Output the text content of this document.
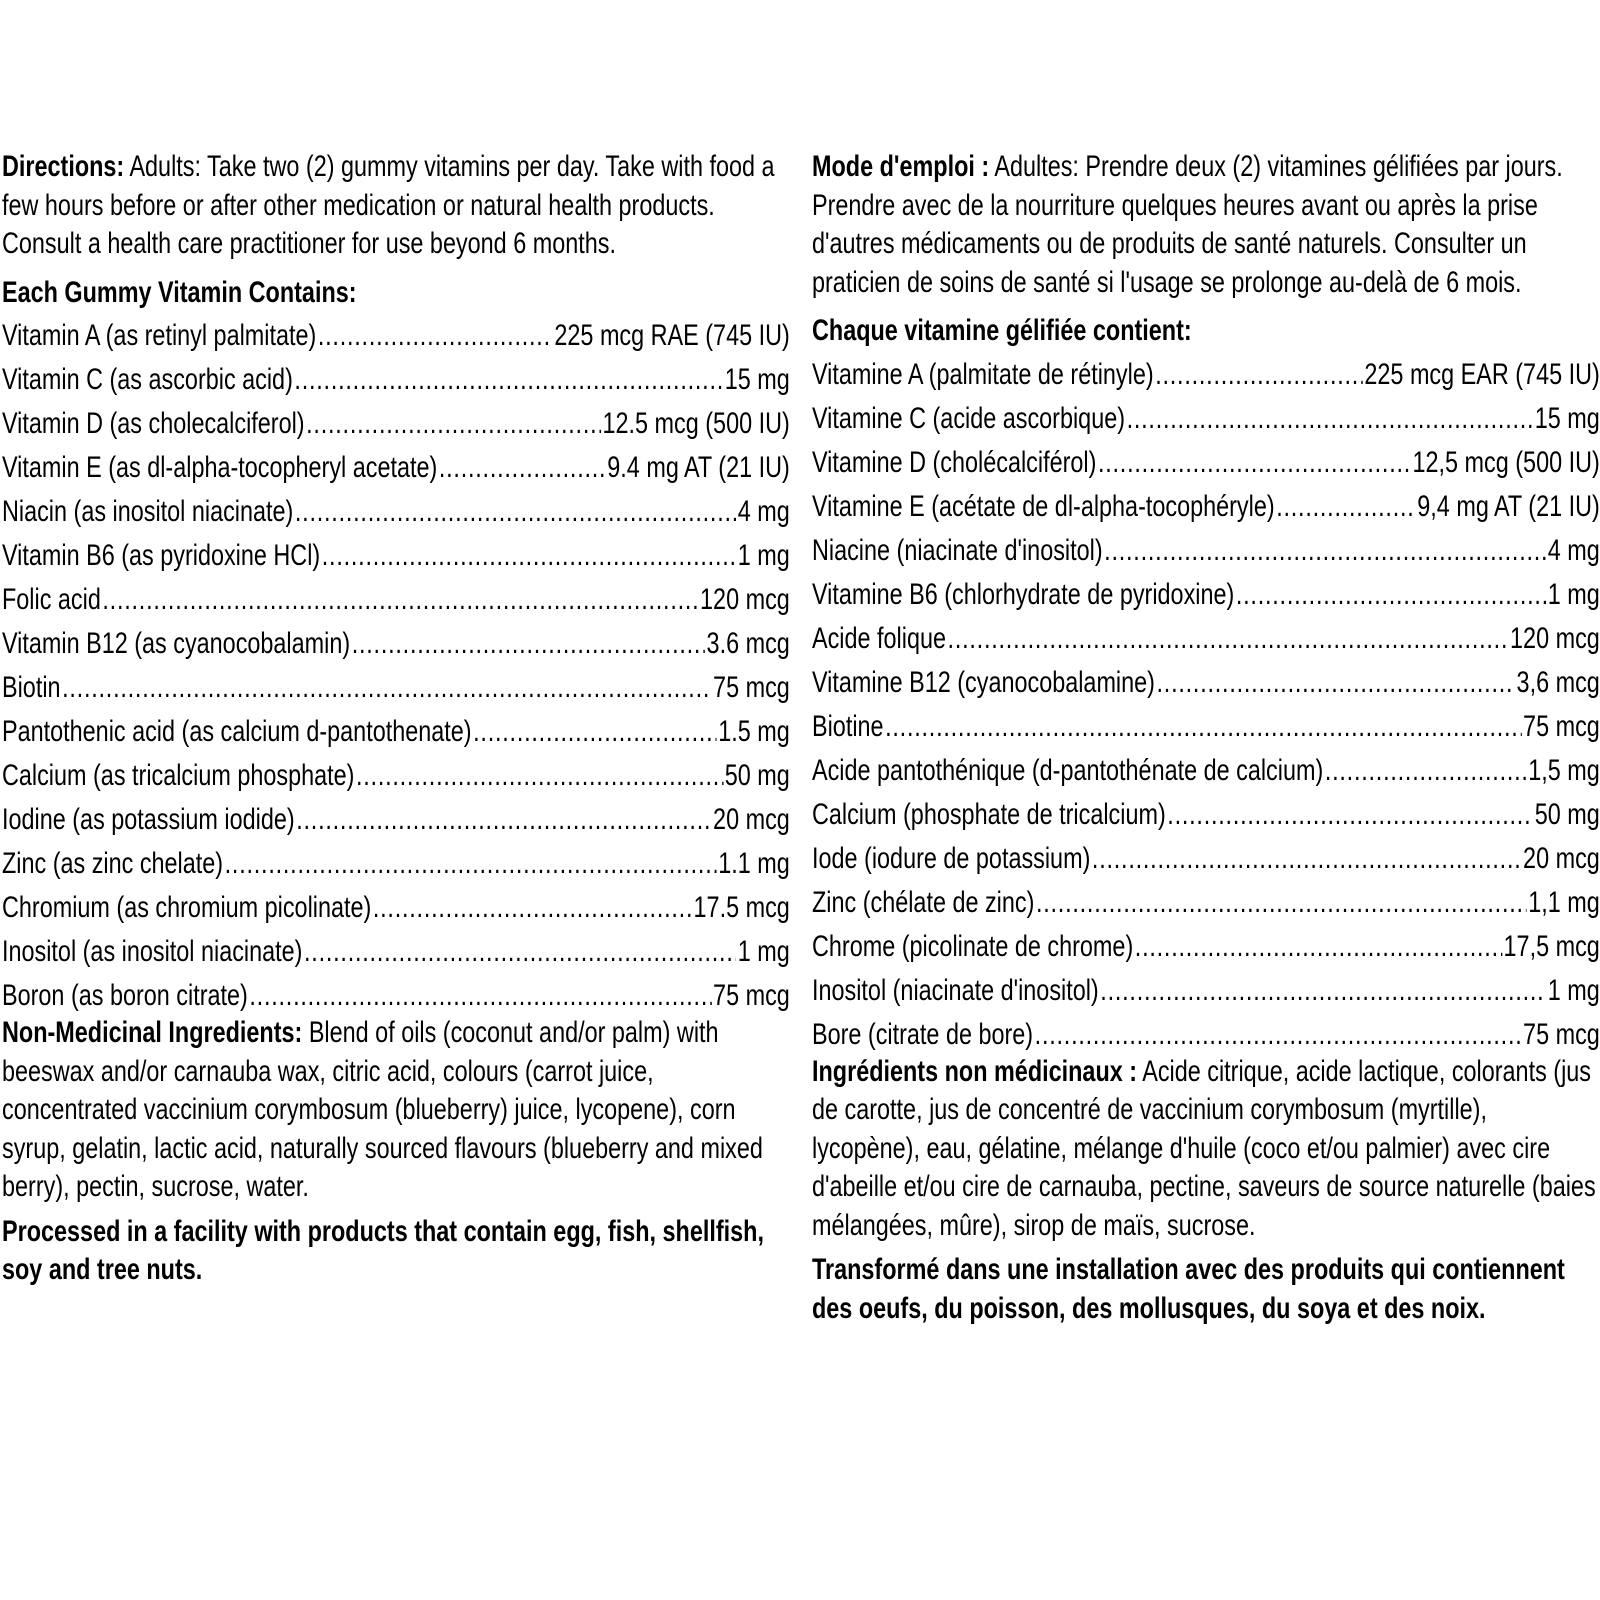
Directions: Adults: Take two (2) gummy vitamins per day. Take with food a few hours before or after other medication or natural health products. Consult a health care practitioner for use beyond 6 months.

Each Gummy Vitamin Contains:

Vitamin A (as retinyl palmitate) .....	225 mcg RAE (745 IU)
Vitamin C (as ascorbic acid) .....	15 mg
Vitamin D (as cholecalciferol) .....	12.5 mcg (500 IU)
Vitamin E (as dl-alpha-tocopheryl acetate) .....	9.4 mg AT (21 IU)
Niacin (as inositol niacinate) .....	4 mg
Vitamin B6 (as pyridoxine HCl) .....	1 mg
Folic acid .....	120 mcg
Vitamin B12 (as cyanocobalamin) .....	3.6 mcg
Biotin .....	75 mcg
Pantothenic acid (as calcium d-pantothenate) .....	1.5 mg
Calcium (as tricalcium phosphate) .....	50 mg
Iodine (as potassium iodide) .....	20 mcg
Zinc (as zinc chelate) .....	1.1 mg
Chromium (as chromium picolinate) .....	17.5 mcg
Inositol (as inositol niacinate) .....	1 mg
Boron (as boron citrate) .....	75 mcg

Non-Medicinal Ingredients: Blend of oils (coconut and/or palm) with beeswax and/or carnauba wax, citric acid, colours (carrot juice, concentrated vaccinium corymbosum (blueberry) juice, lycopene), corn syrup, gelatin, lactic acid, naturally sourced flavours (blueberry and mixed berry), pectin, sucrose, water.

Processed in a facility with products that contain egg, fish, shellfish, soy and tree nuts.

Mode d'emploi : Adultes: Prendre deux (2) vitamines gélifiées par jours. Prendre avec de la nourriture quelques heures avant ou après la prise d'autres médicaments ou de produits de santé naturels. Consulter un praticien de soins de santé si l'usage se prolonge au-delà de 6 mois.

Chaque vitamine gélifiée contient:

Vitamine A (palmitate de rétinyle) .....	225 mcg EAR (745 IU)
Vitamine C (acide ascorbique) .....	15 mg
Vitamine D (cholécalciférol) .....	12,5 mcg (500 IU)
Vitamine E (acétate de dl-alpha-tocophéryle) .....	9,4 mg AT (21 IU)
Niacine (niacinate d'inositol) .....	4 mg
Vitamine B6 (chlorhydrate de pyridoxine) .....	1 mg
Acide folique .....	120 mcg
Vitamine B12 (cyanocobalamine) .....	3,6 mcg
Biotine .....	75 mcg
Acide pantothénique (d-pantothénate de calcium) .....	1,5 mg
Calcium (phosphate de tricalcium) .....	50 mg
Iode (iodure de potassium) .....	20 mcg
Zinc (chélate de zinc) .....	1,1 mg
Chrome (picolinate de chrome) .....	17,5 mcg
Inositol (niacinate d'inositol) .....	1 mg
Bore (citrate de bore) .....	75 mcg

Ingrédients non médicinaux : Acide citrique, acide lactique, colorants (jus de carotte, jus de concentré de vaccinium corymbosum (myrtille), lycopène), eau, gélatine, mélange d'huile (coco et/ou palmier) avec cire d'abeille et/ou cire de carnauba, pectine, saveurs de source naturelle (baies mélangées, mûre), sirop de maïs, sucrose.

Transformé dans une installation avec des produits qui contiennent des oeufs, du poisson, des mollusques, du soya et des noix.
